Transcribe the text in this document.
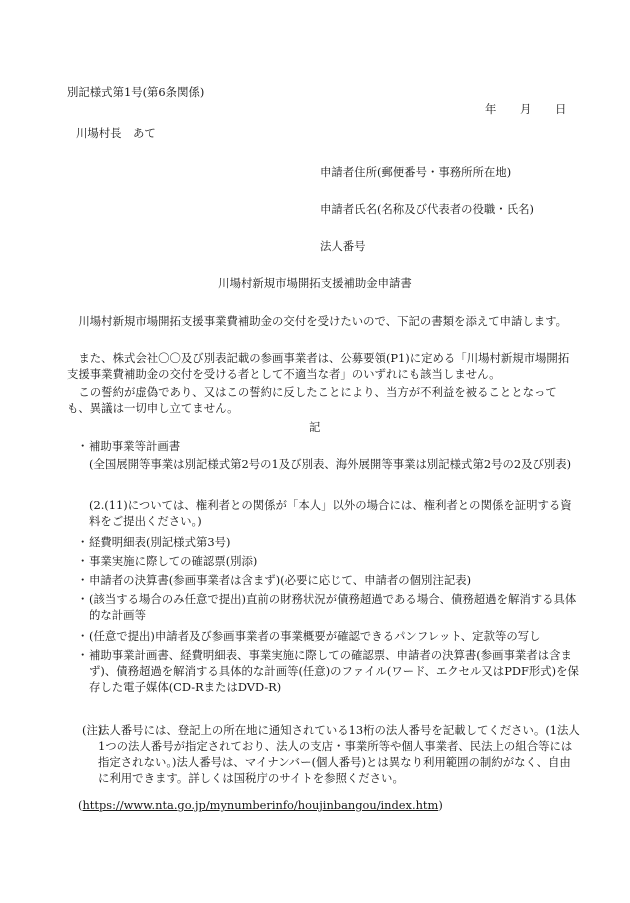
別記様式第1号(第6条関係)
年 月 日
川場村長　あて
申請者住所(郵便番号・事務所所在地)
申請者氏名(名称及び代表者の役職・氏名)
法人番号
川場村新規市場開拓支援補助金申請書
川場村新規市場開拓支援事業費補助金の交付を受けたいので、下記の書類を添えて申請します。
また、株式会社〇〇及び別表記載の参画事業者は、公募要領(P1)に定める「川場村新規市場開拓支援事業費補助金の交付を受ける者として不適当な者」のいずれにも該当しません。
この誓約が虚偽であり、又はこの誓約に反したことにより、当方が不利益を被ることとなっても、異議は一切申し立てません。
記
・ 補助事業等計画書
(全国展開等事業は別記様式第2号の1及び別表、海外展開等事業は別記様式第2号の2及び別表)
(2.(11)については、権利者との関係が「本人」以外の場合には、権利者との関係を証明する資料をご提出ください。)
・ 経費明細表(別記様式第3号)
・ 事業実施に際しての確認票(別添)
・ 申請者の決算書(参画事業者は含まず)(必要に応じて、申請者の個別注記表)
・ (該当する場合のみ任意で提出)直前の財務状況が債務超過である場合、債務超過を解消する具体的な計画等
・ (任意で提出)申請者及び参画事業者の事業概要が確認できるパンフレット、定款等の写し
・ 補助事業計画書、経費明細表、事業実施に際しての確認票、申請者の決算書(参画事業者は含まず)、債務超過を解消する具体的な計画等(任意)のファイル(ワード、エクセル又はPDF形式)を保存した電子媒体(CD-RまたはDVD-R)
(注)
法人番号には、登記上の所在地に通知されている13桁の法人番号を記載してください。(1法人1つの法人番号が指定されており、法人の支店・事業所等や個人事業者、民法上の組合等には指定されない。)法人番号は、マイナンバー(個人番号)とは異なり利用範囲の制約がなく、自由に利用できます。詳しくは国税庁のサイトを参照ください。
(https://www.nta.go.jp/mynumberinfo/houjinbangou/index.htm)
